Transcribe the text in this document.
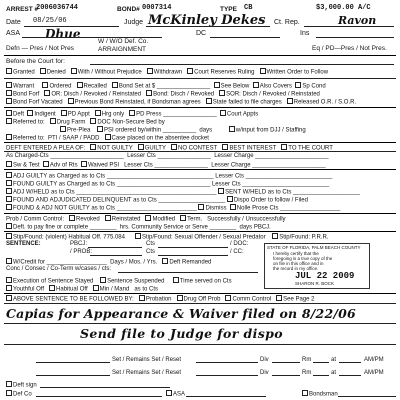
ARREST #
2006036744	BOND# 0007314	TYPE CB	$3,000.00 A/C
Date 08/25/06	Judge McKinley Dekes Ct. Rep.	Ravon
ASA Dhue	DC	Ins
W / W/O Def. Co.
ARRAIGNMENT
Defn — Pres / Not Pres	Eq / PD—Pres / Not Pres.
Before the Court for:
Granted Denied With / Without Prejudice Withdrawn Court Reserves Ruling Written Order to Follow
Warrant	Ordered Recalled Bond Set at $ ________________  See Below Also Covers Sp Cond
Bond Forf OR: Disch / Revoked / Reinstated Bond: Disch / Revoked SOR: Disch / Revoked / Reinstated
Bond Forf Vacated Previous Bond Reinstated, if Bondsman agrees State failed to file charges Released O.R. / S.O.R.
Deft Indigent PD Appt Hrg only PD Press ________________  Court Appts
Referred to: Drug Farm DOC Non-Secure Bed by
Pre-Plea PSI ordered by/within __________  days	w/input from DJJ / Staffing
Referred to: PTI / SAAP / PADD Case placed on the absentee docket
DEFT ENTERED A PLEA OF: NOT GUILTY GUILTY NO CONTEST BEST INTEREST TO THE COURT
As Charged-Cts ______________________  Lesser Cts ________________  Lesser Charge ______________________
Sw & Test Adv of Rts Waived PSI Lesser Cts ________________  Lesser Charge ______________________
ADJ GUILTY as Charged as to Cts ________________________________ Lesser Cts __________________________
FOUND GUILTY as Charged as to Cts ____________________________ Lesser Cts __________________________
ADJ W/HELD as to Cts __________________________________________ SENT W/HELD as to Cts ____________________
FOUND AND ADJUDICATED DELINQUENT as to Cts ____________________ Dispo Order to follow / Filed
FOUND & ADJ NOT GUILTY as to Cts ________________________ Dismiss Nolle Prose Cts __________________
Prob / Comm Control: Revoked Reinstated Modified Term. Successfully / Unsuccessfully
Deft. to pay fine or complete ________  hrs. Community Service or Serve ________  days PBCJ.
Stip/Found: (violent) Habitual Off. 775.084	Stip/Found: Sexual Offender / Sexual Predator Stip/Found: P.R.R.
SENTENCE:	PBCJ:	Cts	/ DOC:
/ PROB:	Cts	/ CC:
W/Credit for __________________  Days / Mos. / Yrs. Deft Remanded
Conc / Consec / Co-Term w/cases / cts:
Execution of Sentence Stayed Sentence Suspended	Time served on Cts
Youthful Off Habitual Off Min / Mand as to Cts
ABOVE SENTENCE TO BE FOLLOWED BY: Probation Drug Off Prob Comm Control See Page 2
STATE OF FLORIDA, PALM BEACH COUNTY
I hereby certify that the
foregoing is a true copy of the
on file in this office and in
the record in my office.
JUL 22 2009
SHARON R. BOCK
Capias for Appearance & Waiver filed on 8/22/06
Send file to Judge for dispo
Set / Remains Set / Reset	Div	Rm	at	AM/PM
Set / Remains Set / Reset	Div	Rm	at	AM/PM
Deft sign
Def Co	ASA	Bondsman
